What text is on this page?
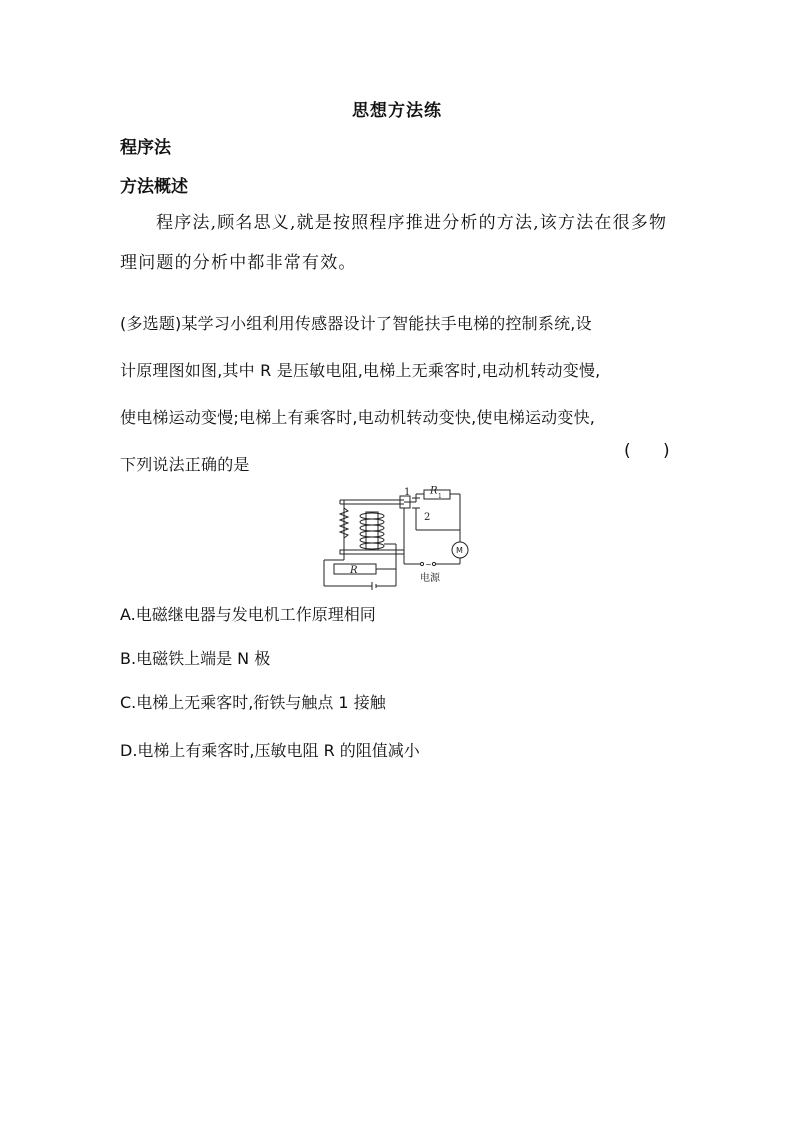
思想方法练
程序法
方法概述
程序法,顾名思义,就是按照程序推进分析的方法,该方法在很多物理问题的分析中都非常有效。
(多选题)某学习小组利用传感器设计了智能扶手电梯的控制系统,设
计原理图如图,其中 R 是压敏电阻,电梯上无乘客时,电动机转动变慢,
使电梯运动变慢;电梯上有乘客时,电动机转动变快,使电梯运动变快,
下列说法正确的是
(      )
1
2
R
1
R
M
~
电源
A.电磁继电器与发电机工作原理相同
B.电磁铁上端是 N 极
C.电梯上无乘客时,衔铁与触点 1 接触
D.电梯上有乘客时,压敏电阻 R 的阻值减小
